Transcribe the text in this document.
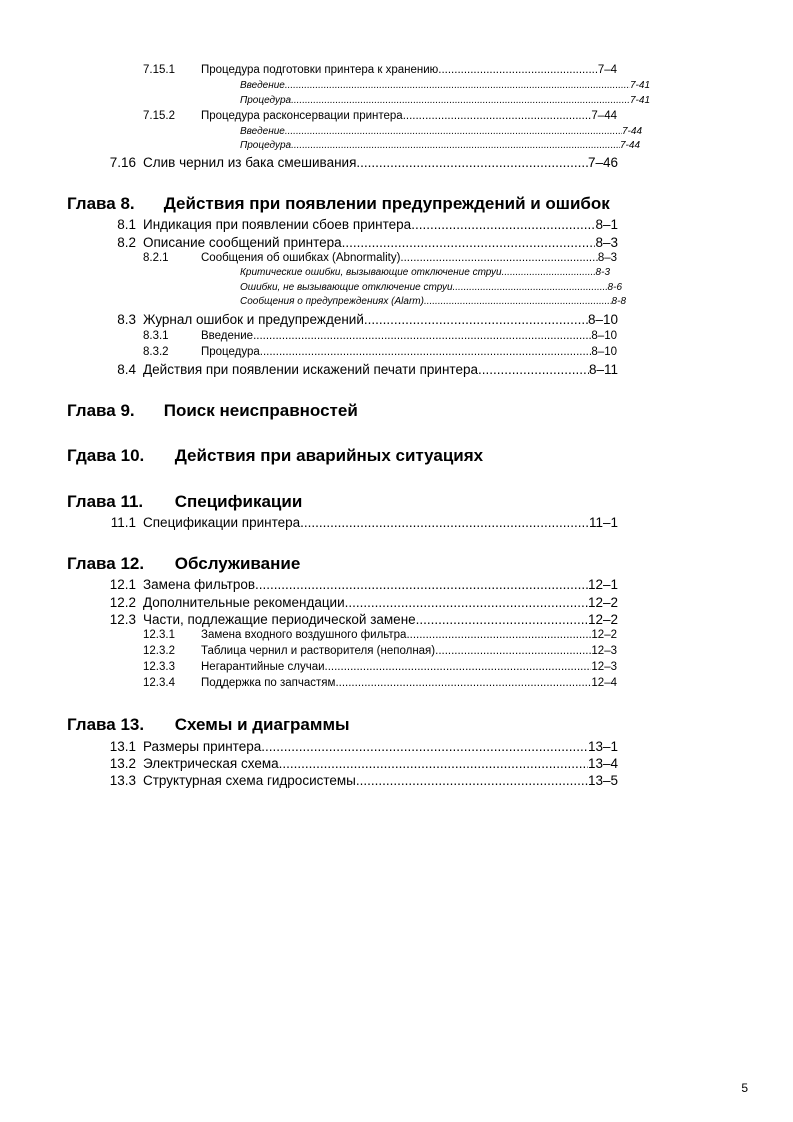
7.15.1	Процедура подготовки принтера к хранению .....	7–4
Введение .....	7-41
Процедура .....	7-41
7.15.2	Процедура расконсервации принтера .....	7–44
Введение .....	7-44
Процедура .....	7-44
7.16 Слив чернил из бака смешивания .....	7–46
Глава 8. Действия при появлении предупреждений и ошибок
8.1 Индикация при появлении сбоев принтера .....	8–1
8.2 Описание сообщений принтера .....	8–3
8.2.1	Сообщения об ошибках (Abnormality) .....	8–3
Критические ошибки, вызывающие отключение струи .....	8-3
Ошибки, не вызывающие отключение струи .....	8-6
Сообщения о предупреждениях (Alarm) .....	8-8
8.3 Журнал ошибок и предупреждений .....	8–10
8.3.1	Введение .....	8–10
8.3.2	Процедура .....	8–10
8.4 Действия при появлении искажений печати принтера .....	8–11
Глава 9. Поиск неисправностей
Гдава 10. Действия при аварийных ситуациях
Глава 11. Спецификации
11.1 Спецификации принтера .....	11–1
Глава 12. Обслуживание
12.1 Замена фильтров .....	12–1
12.2 Дополнительные рекомендации .....	12–2
12.3 Части, подлежащие периодической замене .....	12–2
12.3.1	Замена входного воздушного фильтра .....	12–2
12.3.2	Таблица чернил и растворителя (неполная) .....	12–3
12.3.3	Негарантийные случаи .....	12–3
12.3.4	Поддержка по запчастям .....	12–4
Глава 13. Схемы и диаграммы
13.1 Размеры принтера .....	13–1
13.2 Электрическая схема .....	13–4
13.3 Структурная схема гидросистемы .....	13–5
5
